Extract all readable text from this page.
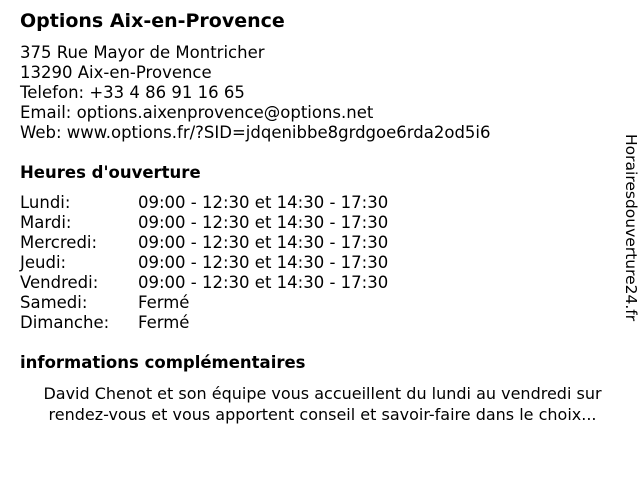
Options Aix-en-Provence
375 Rue Mayor de Montricher
13290 Aix-en-Provence
Telefon: +33 4 86 91 16 65
Email: options.aixenprovence@options.net
Web: www.options.fr/?SID=jdqenibbe8grdgoe6rda2od5i6
Heures d'ouverture
Lundi:	09:00 - 12:30 et 14:30 - 17:30
Mardi:	09:00 - 12:30 et 14:30 - 17:30
Mercredi:	09:00 - 12:30 et 14:30 - 17:30
Jeudi:	09:00 - 12:30 et 14:30 - 17:30
Vendredi:	09:00 - 12:30 et 14:30 - 17:30
Samedi:	Fermé
Dimanche:	Fermé
informations complémentaires
David Chenot et son équipe vous accueillent du lundi au vendredi sur
rendez-vous et vous apportent conseil et savoir-faire dans le choix...
Horairesdouverture24.fr
